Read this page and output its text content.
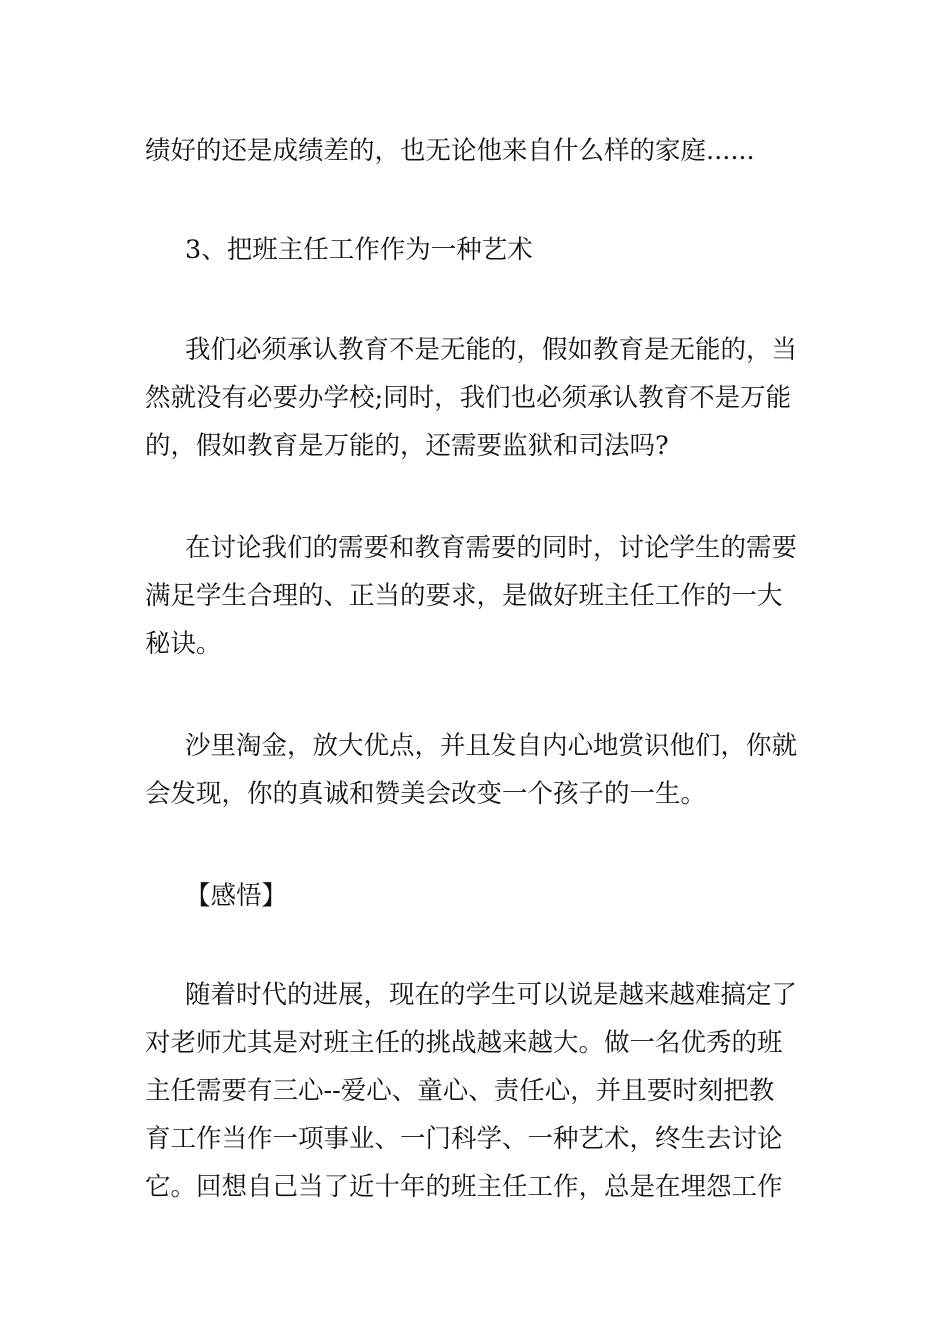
绩好的还是成绩差的，也无论他来自什么样的家庭......

3、把班主任工作作为一种艺术

我们必须承认教育不是无能的，假如教育是无能的，当
然就没有必要办学校;同时，我们也必须承认教育不是万能
的，假如教育是万能的，还需要监狱和司法吗?

在讨论我们的需要和教育需要的同时，讨论学生的需要
满足学生合理的、正当的要求，是做好班主任工作的一大
秘诀。

沙里淘金，放大优点，并且发自内心地赏识他们，你就
会发现，你的真诚和赞美会改变一个孩子的一生。

【感悟】

随着时代的进展，现在的学生可以说是越来越难搞定了
对老师尤其是对班主任的挑战越来越大。做一名优秀的班
主任需要有三心--爱心、童心、责任心，并且要时刻把教
育工作当作一项事业、一门科学、一种艺术，终生去讨论
它。回想自己当了近十年的班主任工作，总是在埋怨工作
